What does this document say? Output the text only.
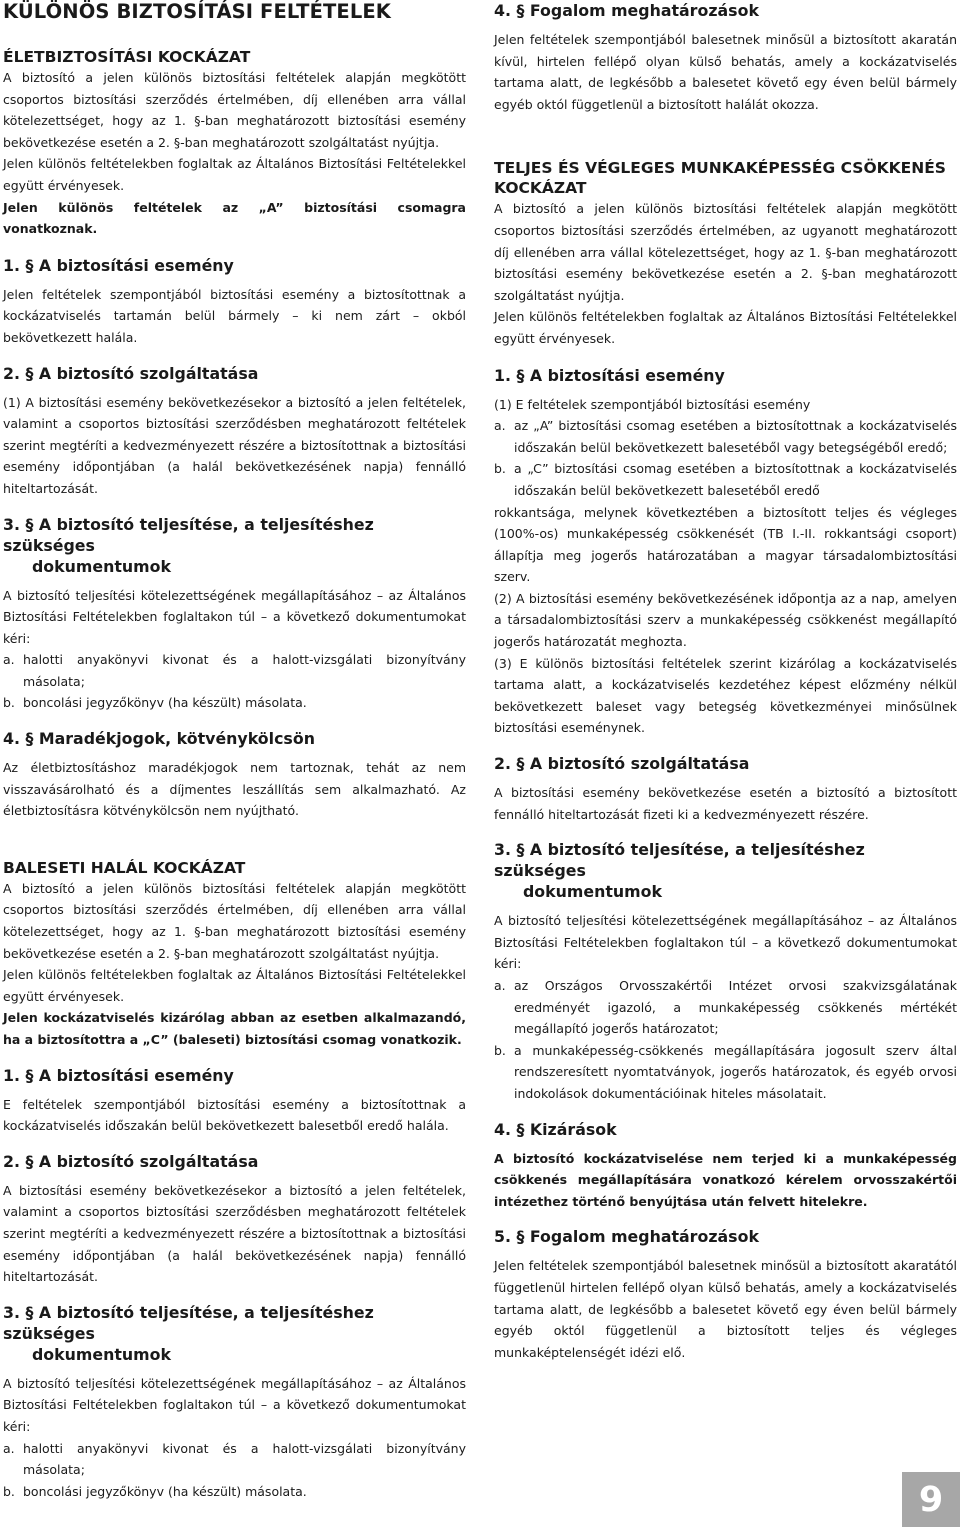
KÜLÖNÖS BIZTOSÍTÁSI FELTÉTELEK
ÉLETBIZTOSÍTÁSI KOCKÁZAT

A biztosító a jelen különös biztosítási feltételek alapján megkötött csoportos biztosítási szerződés értelmében, díj ellenében arra vállal kötelezettséget, hogy az 1. §-ban meghatározott biztosítási esemény bekövetkezése esetén a 2. §-ban meghatározott szolgáltatást nyújtja.

Jelen különös feltételekben foglaltak az Általános Biztosítási Feltételekkel együtt érvényesek.

Jelen különös feltételek az „A” biztosítási csomagra vonatkoznak.

1. § A biztosítási esemény

Jelen feltételek szempontjából biztosítási esemény a biztosítottnak a kockázatviselés tartamán belül bármely – ki nem zárt – okból bekövetkezett halála.

2. § A biztosító szolgáltatása

(1) A biztosítási esemény bekövetkezésekor a biztosító a jelen feltételek, valamint a csoportos biztosítási szerződésben meghatározott feltételek szerint megtéríti a kedvezményezett részére a biztosítottnak a biztosítási esemény időpontjában (a halál bekövetkezésének napja) fennálló hiteltartozását.

3. § A biztosító teljesítése, a teljesítéshez szükséges
dokumentumok

A biztosító teljesítési kötelezettségének megállapításához – az Általános Biztosítási Feltételekben foglaltakon túl – a következő dokumentumokat kéri:

a. halotti anyakönyvi kivonat és a halott-vizsgálati bizonyítvány másolata;
b. boncolási jegyzőkönyv (ha készült) másolata.
4. § Maradékjogok, kötvénykölcsön

Az életbiztosításhoz maradékjogok nem tartoznak, tehát az nem visszavásárolható és a díjmentes leszállítás sem alkalmazható. Az életbiztosításra kötvénykölcsön nem nyújtható.

BALESETI HALÁL KOCKÁZAT

A biztosító a jelen különös biztosítási feltételek alapján megkötött csoportos biztosítási szerződés értelmében, díj ellenében arra vállal kötelezettséget, hogy az 1. §-ban meghatározott biztosítási esemény bekövetkezése esetén a 2. §-ban meghatározott szolgáltatást nyújtja.

Jelen különös feltételekben foglaltak az Általános Biztosítási Feltételekkel együtt érvényesek.

Jelen kockázatviselés kizárólag abban az esetben alkalmazandó, ha a biztosítottra a „C” (baleseti) biztosítási csomag vonatkozik.

1. § A biztosítási esemény

E feltételek szempontjából biztosítási esemény a biztosítottnak a kockázatviselés időszakán belül bekövetkezett balesetből eredő halála.

2. § A biztosító szolgáltatása

A biztosítási esemény bekövetkezésekor a biztosító a jelen feltételek, valamint a csoportos biztosítási szerződésben meghatározott feltételek szerint megtéríti a kedvezményezett részére a biztosítottnak a biztosítási esemény időpontjában (a halál bekövetkezésének napja) fennálló hiteltartozását.

3. § A biztosító teljesítése, a teljesítéshez szükséges
dokumentumok

A biztosító teljesítési kötelezettségének megállapításához – az Általános Biztosítási Feltételekben foglaltakon túl – a következő dokumentumokat kéri:

a. halotti anyakönyvi kivonat és a halott-vizsgálati bizonyítvány másolata;
b. boncolási jegyzőkönyv (ha készült) másolata.
4. § Fogalom meghatározások

Jelen feltételek szempontjából balesetnek minősül a biztosított akaratán kívül, hirtelen fellépő olyan külső behatás, amely a kockázatviselés tartama alatt, de legkésőbb a balesetet követő egy éven belül bármely egyéb októl függetlenül a biztosított halálát okozza.

TELJES ÉS VÉGLEGES MUNKAKÉPESSÉG CSÖKKENÉS KOCKÁZAT

A biztosító a jelen különös biztosítási feltételek alapján megkötött csoportos biztosítási szerződés értelmében, az ugyanott meghatározott díj ellenében arra vállal kötelezettséget, hogy az 1. §-ban meghatározott biztosítási esemény bekövetkezése esetén a 2. §-ban meghatározott szolgáltatást nyújtja.

Jelen különös feltételekben foglaltak az Általános Biztosítási Feltételekkel együtt érvényesek.

1. § A biztosítási esemény

(1) E feltételek szempontjából biztosítási esemény

a. az „A” biztosítási csomag esetében a biztosítottnak a kockázatviselés időszakán belül bekövetkezett balesetéből vagy betegségéből eredő;
b. a „C” biztosítási csomag esetében a biztosítottnak a kockázatviselés időszakán belül bekövetkezett balesetéből eredő

rokkantsága, melynek következtében a biztosított teljes és végleges (100%-os) munkaképesség csökkenését (TB I.-II. rokkantsági csoport) állapítja meg jogerős határozatában a magyar társadalombiztosítási szerv.

(2) A biztosítási esemény bekövetkezésének időpontja az a nap, amelyen a társadalombiztosítási szerv a munkaképesség csökkenést megállapító jogerős határozatát meghozta.

(3) E különös biztosítási feltételek szerint kizárólag a kockázatviselés tartama alatt, a kockázatviselés kezdetéhez képest előzmény nélkül bekövetkezett baleset vagy betegség következményei minősülnek biztosítási eseménynek.

2. § A biztosító szolgáltatása

A biztosítási esemény bekövetkezése esetén a biztosító a biztosított fennálló hiteltartozását fizeti ki a kedvezményezett részére.

3. § A biztosító teljesítése, a teljesítéshez szükséges
dokumentumok

A biztosító teljesítési kötelezettségének megállapításához – az Általános Biztosítási Feltételekben foglaltakon túl – a következő dokumentumokat kéri:

a. az Országos Orvosszakértői Intézet orvosi szakvizsgálatának eredményét igazoló, a munkaképesség csökkenés mértékét megállapító jogerős határozatot;
b. a munkaképesség-csökkenés megállapítására jogosult szerv által rendszeresített nyomtatványok, jogerős határozatok, és egyéb orvosi indokolások dokumentációinak hiteles másolatait.
4. § Kizárások

A biztosító kockázatviselése nem terjed ki a munkaképesség csökkenés megállapítására vonatkozó kérelem orvosszakértői intézethez történő benyújtása után felvett hitelekre.

5. § Fogalom meghatározások

Jelen feltételek szempontjából balesetnek minősül a biztosított akaratától függetlenül hirtelen fellépő olyan külső behatás, amely a kockázatviselés tartama alatt, de legkésőbb a balesetet követő egy éven belül bármely egyéb októl függetlenül a biztosított teljes és végleges munkaképtelenségét idézi elő.

9
